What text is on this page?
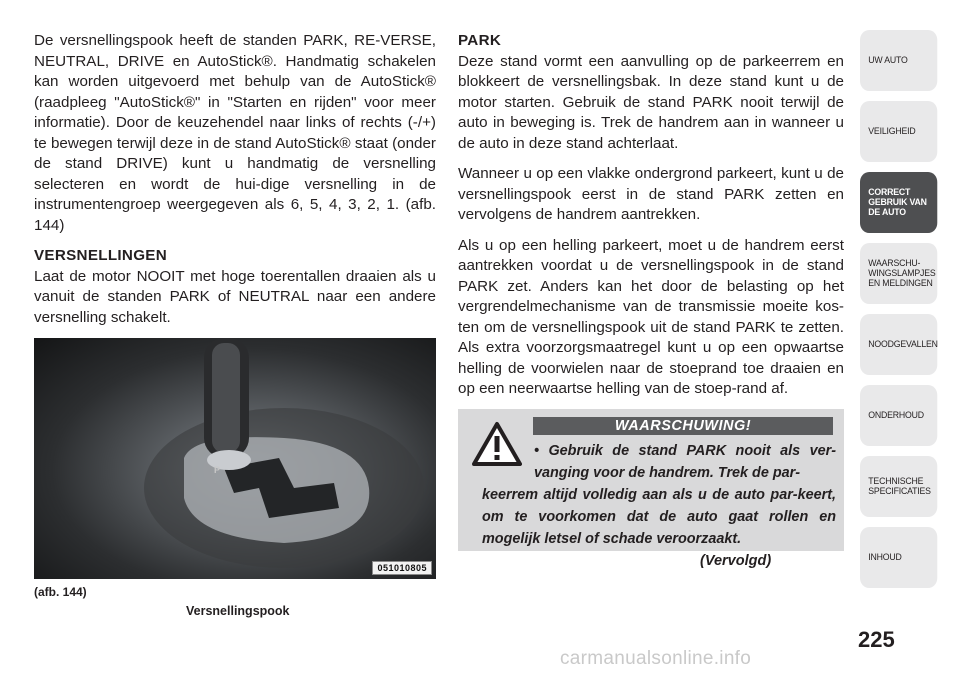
De versnellingspook heeft de standen PARK, RE-VERSE, NEUTRAL, DRIVE en AutoStick®. Handmatig schakelen kan worden uitgevoerd met behulp van de AutoStick® (raadpleeg "AutoStick®" in "Starten en rijden" voor meer informatie). Door de keuzehendel naar links of rechts (-/+) te bewegen terwijl deze in de stand AutoStick® staat (onder de stand DRIVE) kunt u handmatig de versnelling selecteren en wordt de hui-dige versnelling in de instrumentengroep weergegeven als 6, 5, 4, 3, 2, 1. (afb. 144)

VERSNELLINGEN

Laat de motor NOOIT met hoge toerentallen draaien als u vanuit de standen PARK of NEUTRAL naar een andere versnelling schakelt.

P
051010805
(afb. 144)
Versnellingspook
PARK

Deze stand vormt een aanvulling op de parkeerrem en blokkeert de versnellingsbak. In deze stand kunt u de motor starten. Gebruik de stand PARK nooit terwijl de auto in beweging is. Trek de handrem aan in wanneer u de auto in deze stand achterlaat.

Wanneer u op een vlakke ondergrond parkeert, kunt u de versnellingspook eerst in de stand PARK zetten en vervolgens de handrem aantrekken.

Als u op een helling parkeert, moet u de handrem eerst aantrekken voordat u de versnellingspook in de stand PARK zet. Anders kan het door de belasting op het vergrendelmechanisme van de transmissie moeite kos-ten om de versnellingspook uit de stand PARK te zetten. Als extra voorzorgsmaatregel kunt u op een opwaartse helling de voorwielen naar de stoeprand toe draaien en op een neerwaartse helling van de stoep-rand af.

WAARSCHUWING!
• Gebruik de stand PARK nooit als ver-vanging voor de handrem. Trek de par-
keerrem altijd volledig aan als u de auto par-keert, om te voorkomen dat de auto gaat rollen en mogelijk letsel of schade veroorzaakt.
(Vervolgd)
UW AUTO
VEILIGHEID
CORRECT
GEBRUIK VAN
DE AUTO
WAARSCHU-
WINGSLAMPJES
EN MELDINGEN
NOODGEVALLEN
ONDERHOUD
TECHNISCHE
SPECIFICATIES
INHOUD
225
carmanualsonline.info
